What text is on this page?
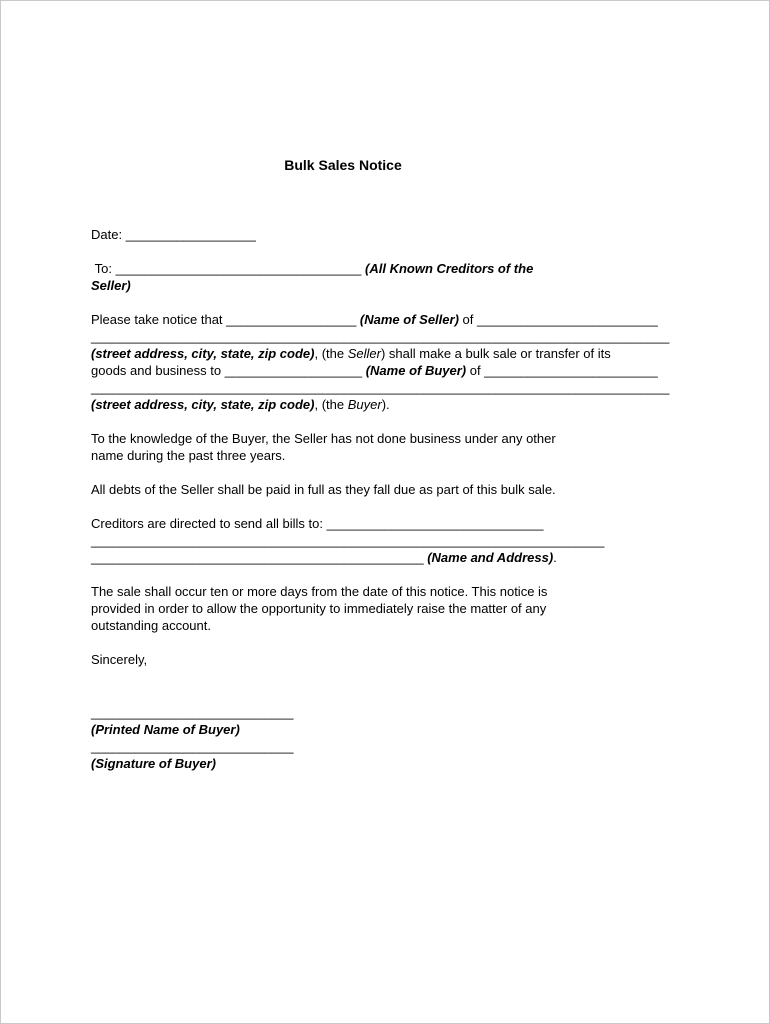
Bulk Sales Notice

Date: __________________

To: __________________________________ (All Known Creditors of the
Seller)

Please take notice that __________________ (Name of Seller) of _________________________
________________________________________________________________________________
(street address, city, state, zip code), (the Seller) shall make a bulk sale or transfer of its
goods and business to ___________________ (Name of Buyer) of ________________________
________________________________________________________________________________
(street address, city, state, zip code), (the Buyer).

To the knowledge of the Buyer, the Seller has not done business under any other
name during the past three years.

All debts of the Seller shall be paid in full as they fall due as part of this bulk sale.

Creditors are directed to send all bills to: ______________________________
_______________________________________________________________________
______________________________________________ (Name and Address).

The sale shall occur ten or more days from the date of this notice. This notice is
provided in order to allow the opportunity to immediately raise the matter of any
outstanding account.

Sincerely,

____________________________
(Printed Name of Buyer)
____________________________
(Signature of Buyer)
